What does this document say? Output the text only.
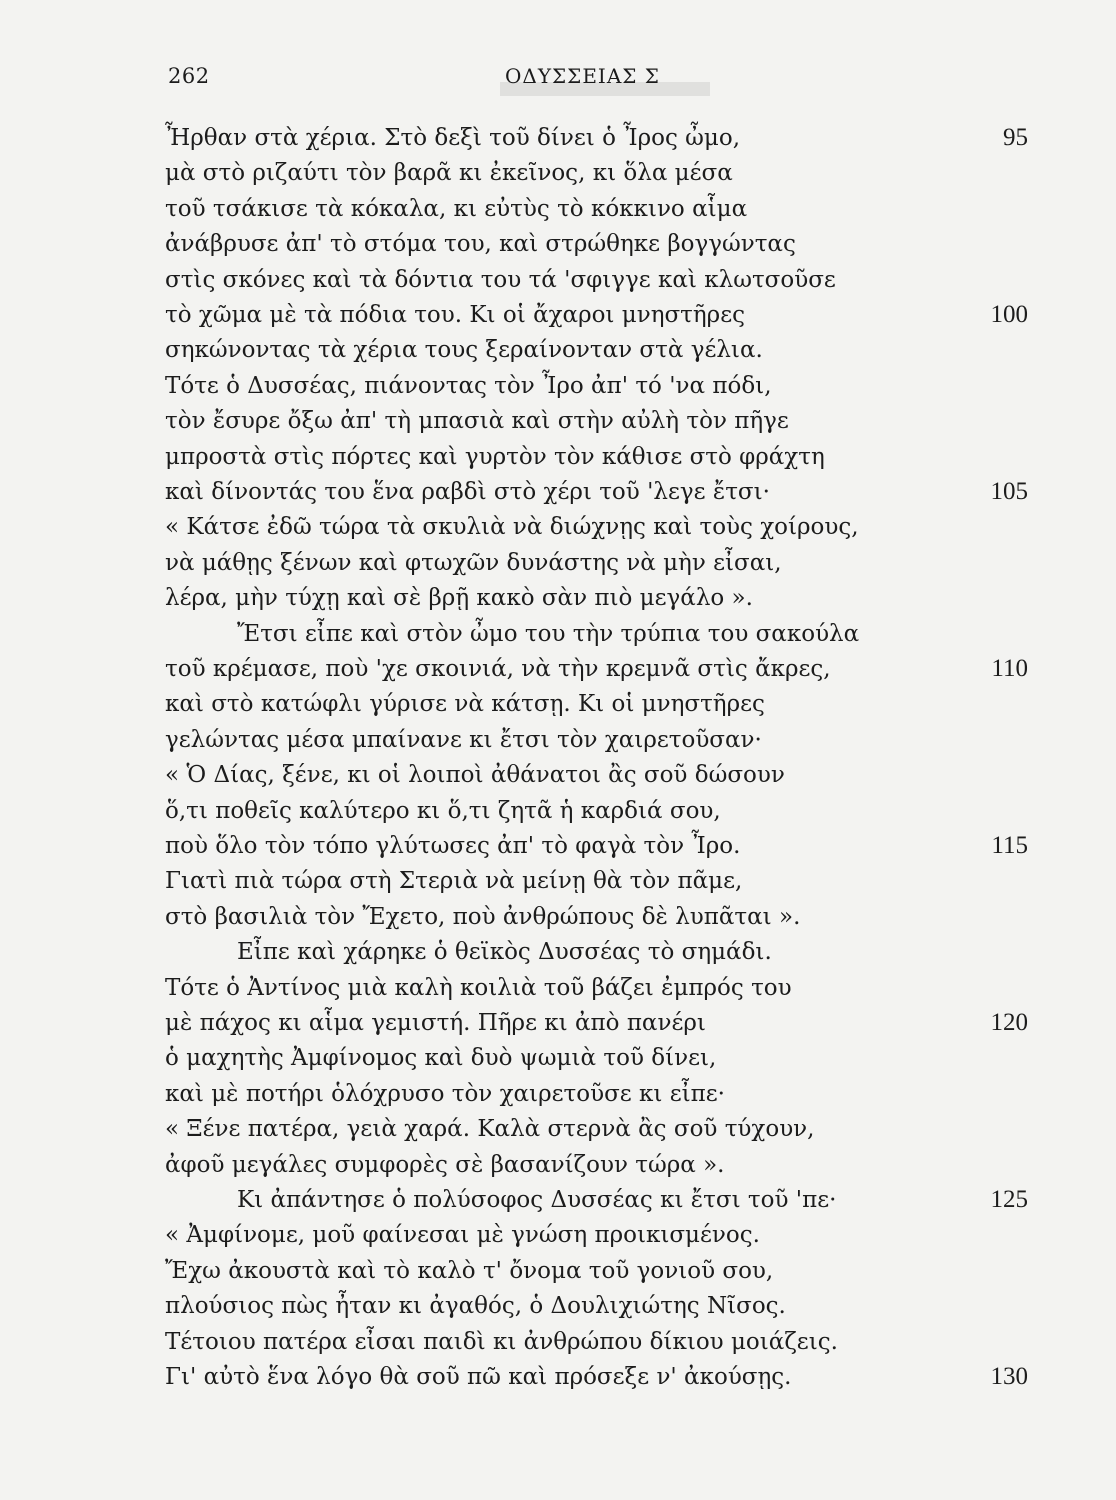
262	ΟΔΥΣΣΕΙΑΣ Σ
Ἦρθαν στὰ χέρια. Στὸ δεξὶ τοῦ δίνει ὁ Ἶρος ὦμο,	95
μὰ στὸ ριζαύτι τὸν βαρᾶ κι ἐκεῖνος, κι ὅλα μέσα
τοῦ τσάκισε τὰ κόκαλα, κι εὐτὺς τὸ κόκκινο αἷμα
ἀνάβρυσε ἀπ' τὸ στόμα του, καὶ στρώθηκε βογγώντας
στὶς σκόνες καὶ τὰ δόντια του τά 'σφιγγε καὶ κλωτσοῦσε
τὸ χῶμα μὲ τὰ πόδια του. Κι οἱ ἄχαροι μνηστῆρες	100
σηκώνοντας τὰ χέρια τους ξεραίνονταν στὰ γέλια.
Τότε ὁ Δυσσέας, πιάνοντας τὸν Ἶρο ἀπ' τό 'να πόδι,
τὸν ἔσυρε ὄξω ἀπ' τὴ μπασιὰ καὶ στὴν αὐλὴ τὸν πῆγε
μπροστὰ στὶς πόρτες καὶ γυρτὸν τὸν κάθισε στὸ φράχτη
καὶ δίνοντάς του ἕνα ραβδὶ στὸ χέρι τοῦ 'λεγε ἔτσι·	105
« Κάτσε ἐδῶ τώρα τὰ σκυλιὰ νὰ διώχνῃς καὶ τοὺς χοίρους,
νὰ μάθῃς ξένων καὶ φτωχῶν δυνάστης νὰ μὴν εἶσαι,
λέρα, μὴν τύχῃ καὶ σὲ βρῇ κακὸ σὰν πιὸ μεγάλο ».
Ἔτσι εἶπε καὶ στὸν ὦμο του τὴν τρύπια του σακούλα
τοῦ κρέμασε, ποὺ 'χε σκοινιά, νὰ τὴν κρεμνᾶ στὶς ἄκρες,	110
καὶ στὸ κατώφλι γύρισε νὰ κάτσῃ. Κι οἱ μνηστῆρες
γελώντας μέσα μπαίνανε κι ἔτσι τὸν χαιρετοῦσαν·
« Ὁ Δίας, ξένε, κι οἱ λοιποὶ ἀθάνατοι ἂς σοῦ δώσουν
ὅ,τι ποθεῖς καλύτερο κι ὅ,τι ζητᾶ ἡ καρδιά σου,
ποὺ ὅλο τὸν τόπο γλύτωσες ἀπ' τὸ φαγὰ τὸν Ἶρο.	115
Γιατὶ πιὰ τώρα στὴ Στεριὰ νὰ μείνῃ θὰ τὸν πᾶμε,
στὸ βασιλιὰ τὸν Ἔχετο, ποὺ ἀνθρώπους δὲ λυπᾶται ».
Εἶπε καὶ χάρηκε ὁ θεϊκὸς Δυσσέας τὸ σημάδι.
Τότε ὁ Ἀντίνος μιὰ καλὴ κοιλιὰ τοῦ βάζει ἐμπρός του
μὲ πάχος κι αἷμα γεμιστή. Πῆρε κι ἀπὸ πανέρι	120
ὁ μαχητὴς Ἀμφίνομος καὶ δυὸ ψωμιὰ τοῦ δίνει,
καὶ μὲ ποτήρι ὁλόχρυσο τὸν χαιρετοῦσε κι εἶπε·
« Ξένε πατέρα, γειὰ χαρά. Καλὰ στερνὰ ἂς σοῦ τύχουν,
ἀφοῦ μεγάλες συμφορὲς σὲ βασανίζουν τώρα ».
Κι ἀπάντησε ὁ πολύσοφος Δυσσέας κι ἔτσι τοῦ 'πε·	125
« Ἀμφίνομε, μοῦ φαίνεσαι μὲ γνώση προικισμένος.
Ἔχω ἀκουστὰ καὶ τὸ καλὸ τ' ὄνομα τοῦ γονιοῦ σου,
πλούσιος πὼς ἦταν κι ἀγαθός, ὁ Δουλιχιώτης Νῖσος.
Τέτοιου πατέρα εἶσαι παιδὶ κι ἀνθρώπου δίκιου μοιάζεις.
Γι' αὐτὸ ἕνα λόγο θὰ σοῦ πῶ καὶ πρόσεξε ν' ἀκούσῃς.	130
